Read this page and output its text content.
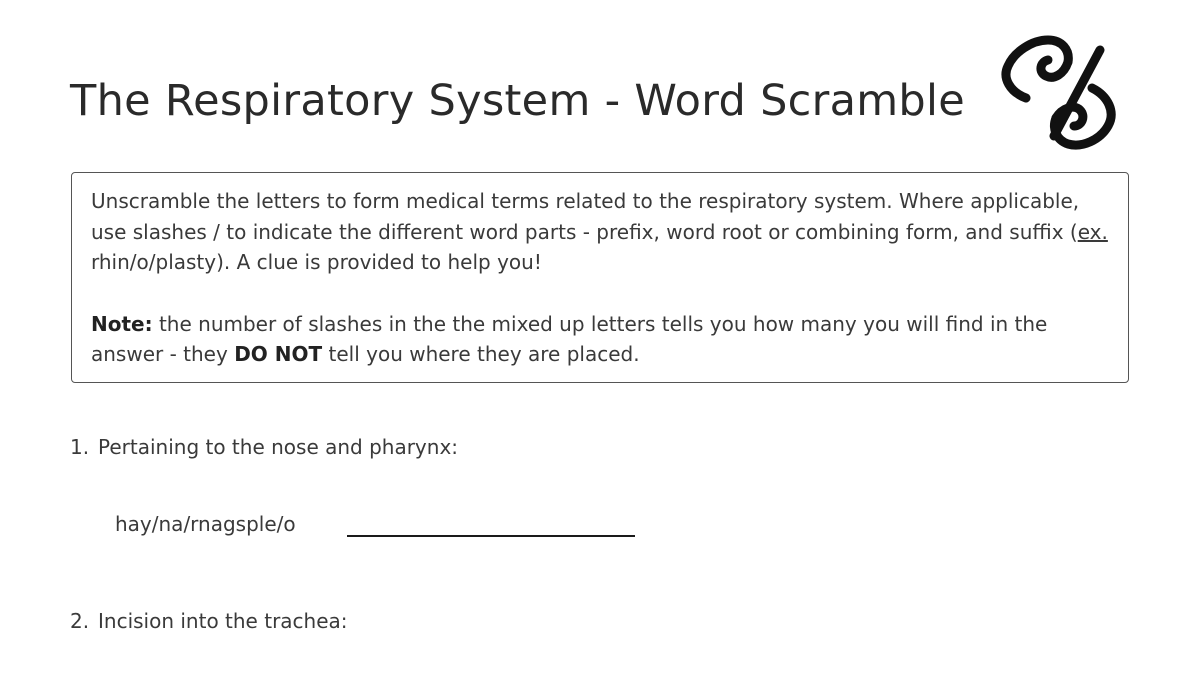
The Respiratory System - Word Scramble

Unscramble the letters to form medical terms related to the respiratory system. Where applicable, use slashes / to indicate the different word parts - prefix, word root or combining form, and suffix (ex. rhin/o/plasty). A clue is provided to help you!

Note: the number of slashes in the the mixed up letters tells you how many you will find in the answer - they DO NOT tell you where they are placed.

1. Pertaining to the nose and pharynx:
hay/na/rnagsple/o
2. Incision into the trachea:
